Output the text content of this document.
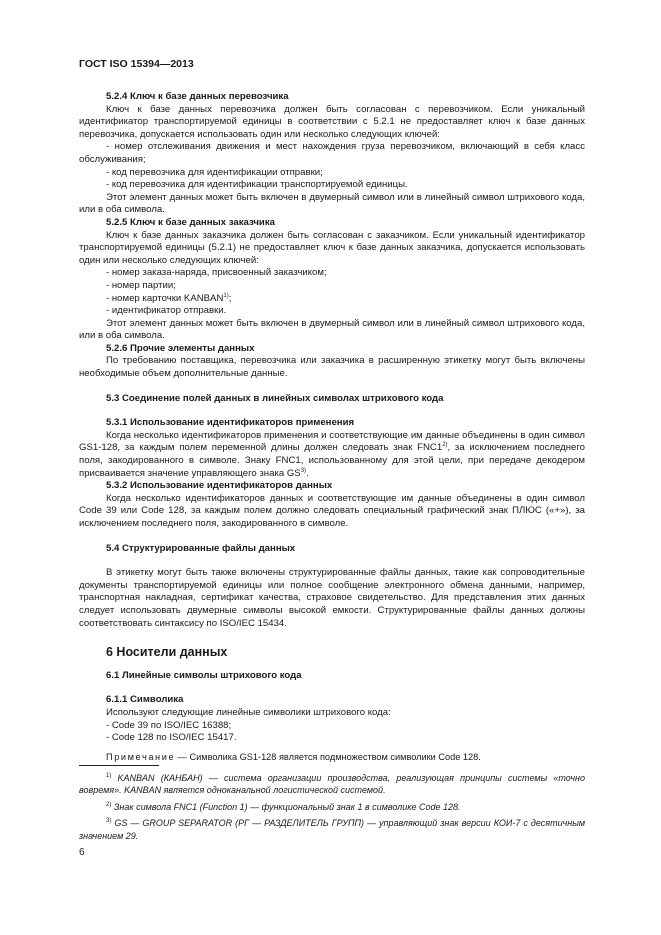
ГОСТ ISO 15394—2013

5.2.4 Ключ к базе данных перевозчика

Ключ к базе данных перевозчика должен быть согласован с перевозчиком. Если уникальный идентификатор транспортируемой единицы в соответствии с 5.2.1 не предоставляет ключ к базе данных перевозчика, допускается использовать один или несколько следующих ключей:

- номер отслеживания движения и мест нахождения груза перевозчиком, включающий в себя класс обслуживания;

- код перевозчика для идентификации отправки;

- код перевозчика для идентификации транспортируемой единицы.

Этот элемент данных может быть включен в двумерный символ или в линейный символ штрихового кода, или в оба символа.

5.2.5 Ключ к базе данных заказчика

Ключ к базе данных заказчика должен быть согласован с заказчиком. Если уникальный идентификатор транспортируемой единицы (5.2.1) не предоставляет ключ к базе данных заказчика, допускается использовать один или несколько следующих ключей:

- номер заказа-наряда, присвоенный заказчиком;

- номер партии;

- номер карточки KANBAN$^{1)}$;

- идентификатор отправки.

Этот элемент данных может быть включен в двумерный символ или в линейный символ штрихового кода, или в оба символа.

5.2.6 Прочие элементы данных

По требованию поставщика, перевозчика или заказчика в расширенную этикетку могут быть включены необходимые объем дополнительные данные.

5.3 Соединение полей данных в линейных символах штрихового кода

5.3.1 Использование идентификаторов применения

Когда несколько идентификаторов применения и соответствующие им данные объединены в один символ GS1-128, за каждым полем переменной длины должен следовать знак FNC1$^{2)}$, за исключением последнего поля, закодированного в символе. Знаку FNC1, использованному для этой цели, при передаче декодером присваивается значение управляющего знака GS$^{3)}$.

5.3.2 Использование идентификаторов данных

Когда несколько идентификаторов данных и соответствующие им данные объединены в один символ Code 39 или Code 128, за каждым полем должно следовать специальный графический знак ПЛЮС («+»), за исключением последнего поля, закодированного в символе.

5.4 Структурированные файлы данных

В этикетку могут быть также включены структурированные файлы данных, такие как сопроводительные документы транспортируемой единицы или полное сообщение электронного обмена данными, например, транспортная накладная, сертификат качества, страховое свидетельство. Для представления этих данных следует использовать двумерные символы высокой емкости. Структурированные файлы данных должны соответствовать синтаксису по ISO/IEC 15434.

6 Носители данных

6.1 Линейные символы штрихового кода

6.1.1 Символика

Используют следующие линейные символики штрихового кода:

- Code 39 по ISO/IEC 16388;

- Code 128 по ISO/IEC 15417.

Примечание — Символика GS1-128 является подмножеством символики Code 128.

$^{1)}$ KANBAN (КАНБАН) — система организации производства, реализующая принципы системы «точно вовремя». KANBAN является одноканальной логистической системой.

$^{2)}$ Знак символа FNC1 (Function 1) — функциональный знак 1 в символике Code 128.

$^{3)}$ GS — GROUP SEPARATOR (РГ — РАЗДЕЛИТЕЛЬ ГРУПП) — управляющий знак версии КОИ-7 с десятичным значением 29.

6
